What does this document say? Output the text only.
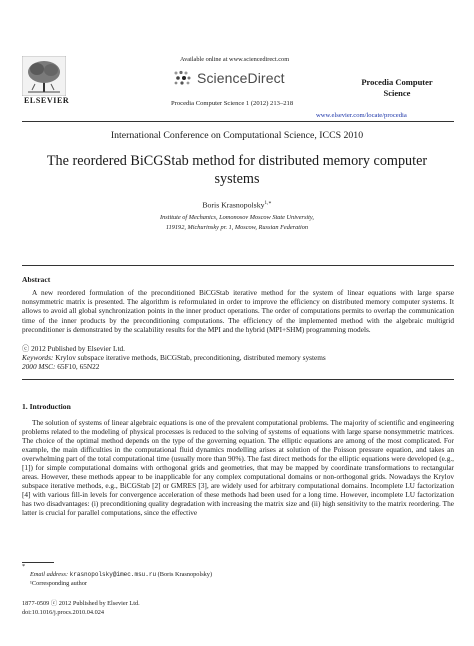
ELSEVIER
Available online at www.sciencedirect.com
ScienceDirect
Procedia Computer Science 1 (2012) 213–218
Procedia Computer
Science
www.elsevier.com/locate/procedia
International Conference on Computational Science, ICCS 2010
The reordered BiCGStab method for distributed memory computer systems
Boris Krasnopolsky$^{1,∗}$
Institute of Mechanics, Lomonosov Moscow State University,
119192, Michurinsky pr. 1, Moscow, Russian Federation
Abstract
A new reordered formulation of the preconditioned BiCGStab iterative method for the system of linear equations with large sparse nonsymmetric matrix is presented. The algorithm is reformulated in order to improve the efficiency on distributed memory computer systems. It allows to avoid all global synchronization points in the inner product operations. The order of computations permits to overlap the communication time of the inner products by the preconditioning computations. The efficiency of the implemented method with the algebraic multigrid preconditioner is demonstrated by the scalability results for the MPI and the hybrid (MPI+SHM) programming models.
ⓒ 2012 Published by Elsevier Ltd.
Keywords: Krylov subspace iterative methods, BiCGStab, preconditioning, distributed memory systems
2000 MSC: 65F10, 65N22
1. Introduction
The solution of systems of linear algebraic equations is one of the prevalent computational problems. The majority of scientific and engineering problems related to the modeling of physical processes is reduced to the solving of systems of equations with large sparse nonsymmetric matrices. The choice of the optimal method depends on the type of the governing equation. The elliptic equations are among of the most complicated. For example, the main difficulties in the computational fluid dynamics modelling arises at solution of the Poisson pressure equation, and takes an overwhelming part of the total computational time (usually more than 90%). The fast direct methods for the elliptic equations were developed (e.g., [1]) for simple computational domains with orthogonal grids and geometries, that may be mapped by coordinate transformations to rectangular areas. However, these methods appear to be inapplicable for any complex computational domains or non-orthogonal grids. Nowadays the Krylov subspace iterative methods, e.g., BiCGStab [2] or GMRES [3], are widely used for arbitrary computational domains. Incomplete LU factorization [4] with various fill-in levels for convergence acceleration of these methods had been used for a long time. However, incomplete LU factorization has two disadvantages: (i) preconditioning quality degradation with increasing the matrix size and (ii) high sensitivity to the matrix reordering. The latter is crucial for parallel computations, since the effective
*
Email address: krasnopolsky@imec.msu.ru (Boris Krasnopolsky)
¹Corresponding author
1877-0509 ⓒ 2012 Published by Elsevier Ltd.
doi:10.1016/j.procs.2010.04.024
